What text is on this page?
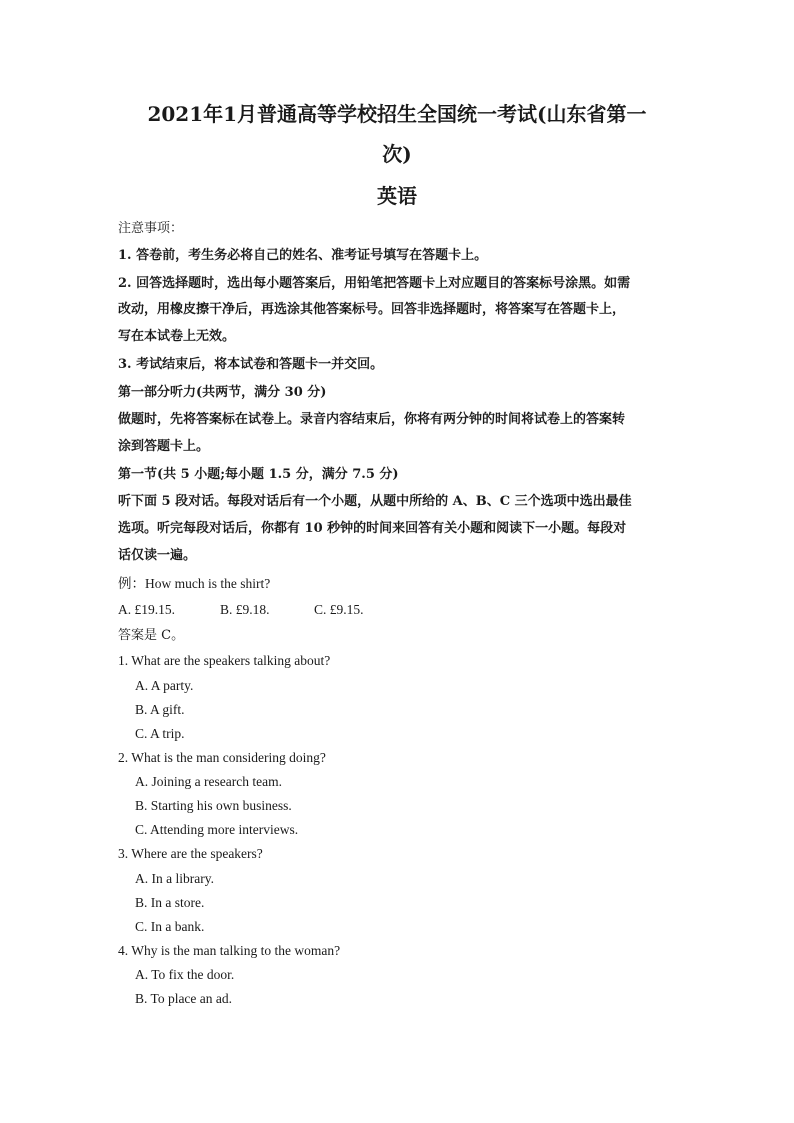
2021年1月普通高等学校招生全国统一考试(山东省第一
次)
英语

注意事项：

1. 答卷前，考生务必将自己的姓名、准考证号填写在答题卡上。

2. 回答选择题时，选出每小题答案后，用铅笔把答题卡上对应题目的答案标号涂黑。如需

改动，用橡皮擦干净后，再选涂其他答案标号。回答非选择题时，将答案写在答题卡上，

写在本试卷上无效。

3. 考试结束后，将本试卷和答题卡一并交回。

第一部分听力(共两节，满分 30 分)

做题时，先将答案标在试卷上。录音内容结束后，你将有两分钟的时间将试卷上的答案转

涂到答题卡上。

第一节(共 5 小题;每小题 1.5 分，满分 7.5 分)

听下面 5 段对话。每段对话后有一个小题，从题中所给的 A、B、C 三个选项中选出最佳

选项。听完每段对话后，你都有 10 秒钟的时间来回答有关小题和阅读下一小题。每段对

话仅读一遍。

例：How much is the shirt?

A. £19.15.	B. £9.18.	C. £9.15.

答案是 C。

1. What are the speakers talking about?

A. A party.

B. A gift.

C. A trip.

2. What is the man considering doing?

A. Joining a research team.

B. Starting his own business.

C. Attending more interviews.

3. Where are the speakers?

A. In a library.

B. In a store.

C. In a bank.

4. Why is the man talking to the woman?

A. To fix the door.

B. To place an ad.
